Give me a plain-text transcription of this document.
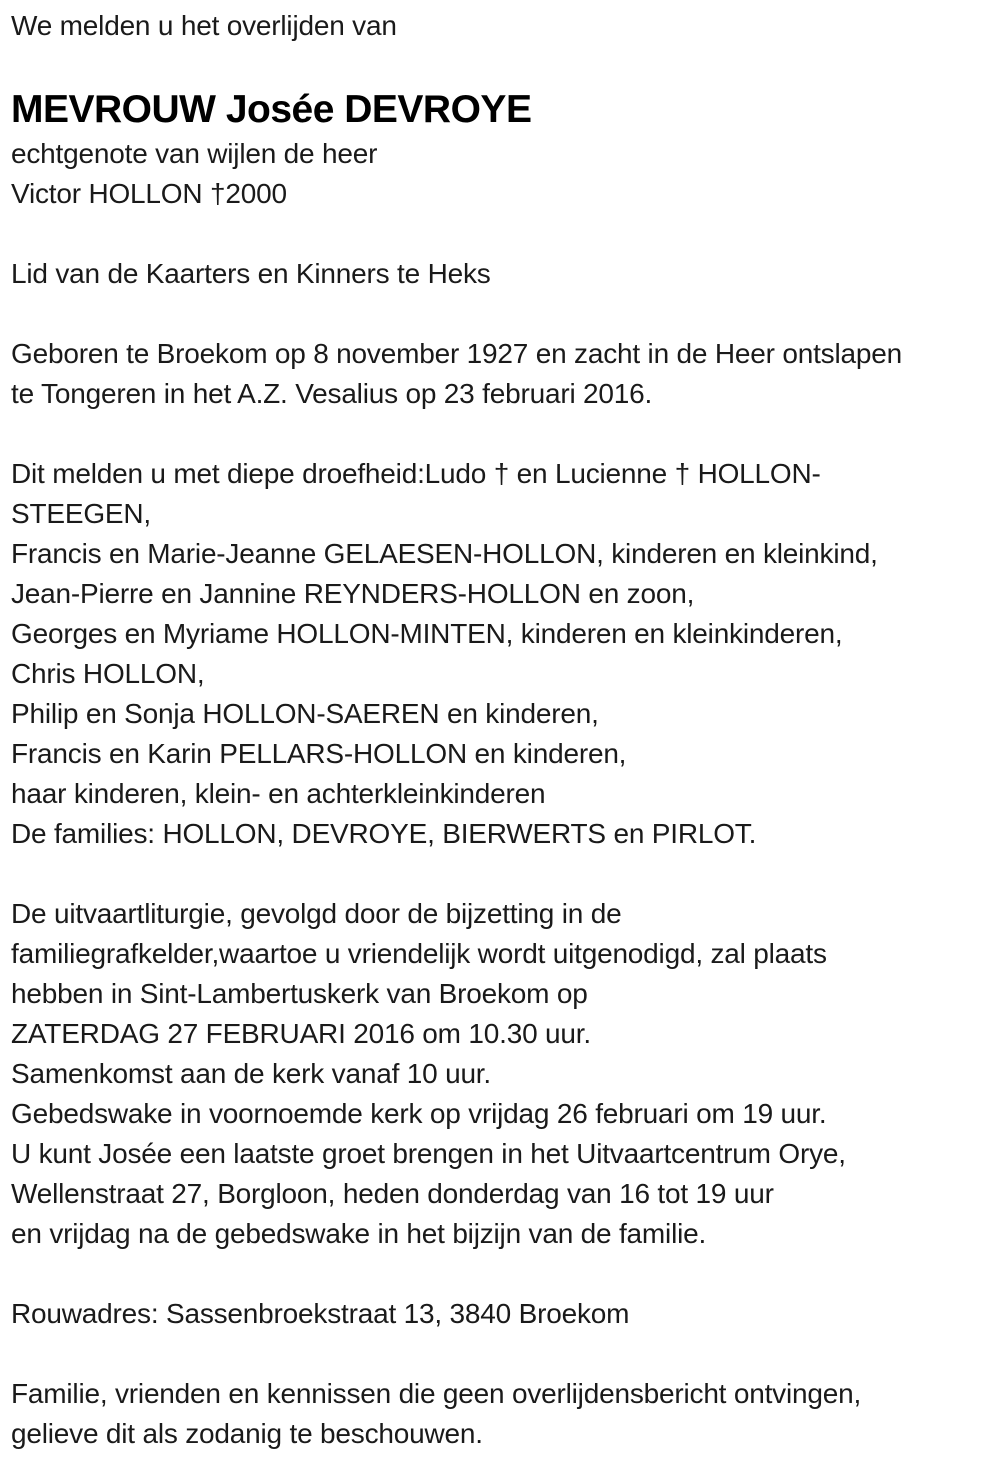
We melden u het overlijden van
MEVROUW Josée DEVROYE
echtgenote van wijlen de heer
Victor HOLLON †2000
Lid van de Kaarters en Kinners te Heks
Geboren te Broekom op 8 november 1927 en zacht in de Heer ontslapen
te Tongeren in het A.Z. Vesalius op 23 februari 2016.
Dit melden u met diepe droefheid:Ludo † en Lucienne † HOLLON-
STEEGEN,
Francis en Marie-Jeanne GELAESEN-HOLLON, kinderen en kleinkind,
Jean-Pierre en Jannine REYNDERS-HOLLON en zoon,
Georges en Myriame HOLLON-MINTEN, kinderen en kleinkinderen,
Chris HOLLON,
Philip en Sonja HOLLON-SAEREN en kinderen,
Francis en Karin PELLARS-HOLLON en kinderen,
haar kinderen, klein- en achterkleinkinderen
De families: HOLLON, DEVROYE, BIERWERTS en PIRLOT.
De uitvaartliturgie, gevolgd door de bijzetting in de
familiegrafkelder,waartoe u vriendelijk wordt uitgenodigd, zal plaats
hebben in Sint-Lambertuskerk van Broekom op
ZATERDAG 27 FEBRUARI 2016 om 10.30 uur.
Samenkomst aan de kerk vanaf 10 uur.
Gebedswake in voornoemde kerk op vrijdag 26 februari om 19 uur.
U kunt Josée een laatste groet brengen in het Uitvaartcentrum Orye,
Wellenstraat 27, Borgloon, heden donderdag van 16 tot 19 uur
en vrijdag na de gebedswake in het bijzijn van de familie.
Rouwadres: Sassenbroekstraat 13, 3840 Broekom
Familie, vrienden en kennissen die geen overlijdensbericht ontvingen,
gelieve dit als zodanig te beschouwen.
